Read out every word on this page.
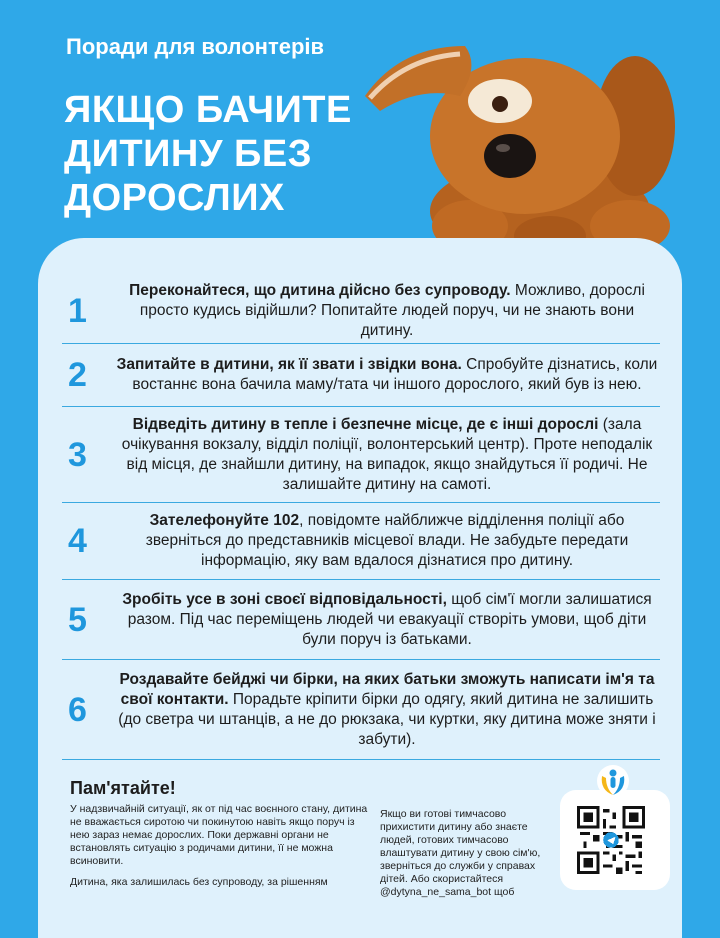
Поради для волонтерів
ЯКЩО БАЧИТЕ
ДИТИНУ БЕЗ
ДОРОСЛИХ
1
Переконайтеся, що дитина дійсно без супроводу. Можливо, дорослі просто кудись відійшли? Попитайте людей поруч, чи не знають вони дитину.
2	Запитайте в дитини, як її звати і звідки вона. Спробуйте дізнатись, коли востаннє вона бачила маму/тата чи іншого дорослого, який був із нею.
3
Відведіть дитину в тепле і безпечне місце, де є інші дорослі (зала очікування вокзалу, відділ поліції, волонтерський центр). Проте неподалік від місця, де знайшли дитину, на випадок, якщо знайдуться її родичі. Не залишайте дитину на самоті.
4
Зателефонуйте 102, повідомте найближче відділення поліції або зверніться до представників місцевої влади. Не забудьте передати інформацію, яку вам вдалося дізнатися про дитину.
5
Зробіть усе в зоні своєї відповідальності, щоб сім'ї могли залишатися разом. Під час переміщень людей чи евакуації створіть умови, щоб діти були поруч із батьками.
6
Роздавайте бейджі чи бірки, на яких батьки зможуть написати ім'я та свої контакти. Порадьте кріпити бірки до одягу, який дитина не залишить (до светра чи штанців, а не до рюкзака, чи куртки, яку дитина може зняти і забути).
Пам'ятайте!

У надзвичайній ситуації, як от під час воєнного стану, дитина не вважається сиротою чи покинутою навіть якщо поруч із нею зараз немає дорослих. Поки державні органи не встановлять ситуацію з родичами дитини, її не можна всиновити.

Дитина, яка залишилась без супроводу, за рішенням

Якщо ви готові тимчасово прихистити дитину або знаєте людей, готових тимчасово влаштувати дитину у свою сім'ю, зверніться до служби у справах дітей. Або скористайтеся @dytyna_ne_sama_bot щоб
